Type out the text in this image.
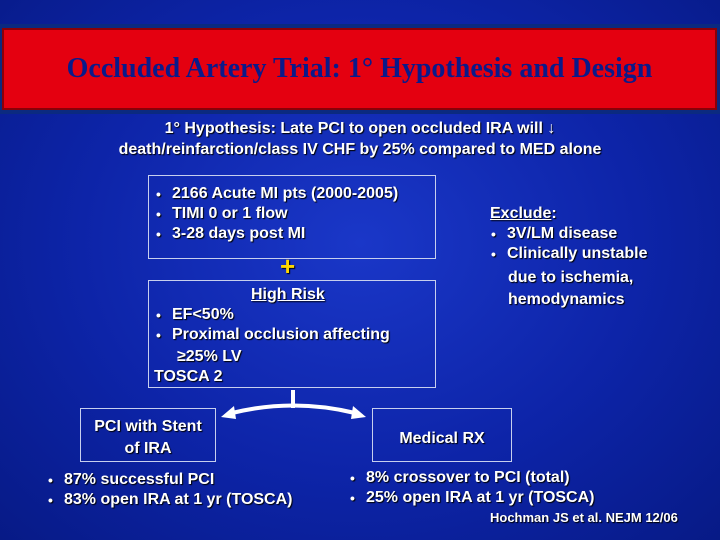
Occluded Artery Trial: 1° Hypothesis and Design
1° Hypothesis: Late PCI to open occluded IRA will ↓
death/reinfarction/class IV CHF by 25% compared to MED alone
• 2166 Acute MI pts (2000-2005)
• TIMI 0 or 1 flow
• 3-28 days post MI
+
High Risk
• EF<50%
• Proximal occlusion affecting
≥25% LV
TOSCA 2
Exclude:
• 3V/LM disease
• Clinically unstable
due to ischemia,
hemodynamics
PCI with Stent
of IRA
Medical RX
• 87% successful PCI
• 83% open IRA at 1 yr (TOSCA)
• 8% crossover to PCI (total)
• 25% open IRA at 1 yr (TOSCA)
Hochman JS et al. NEJM 12/06
